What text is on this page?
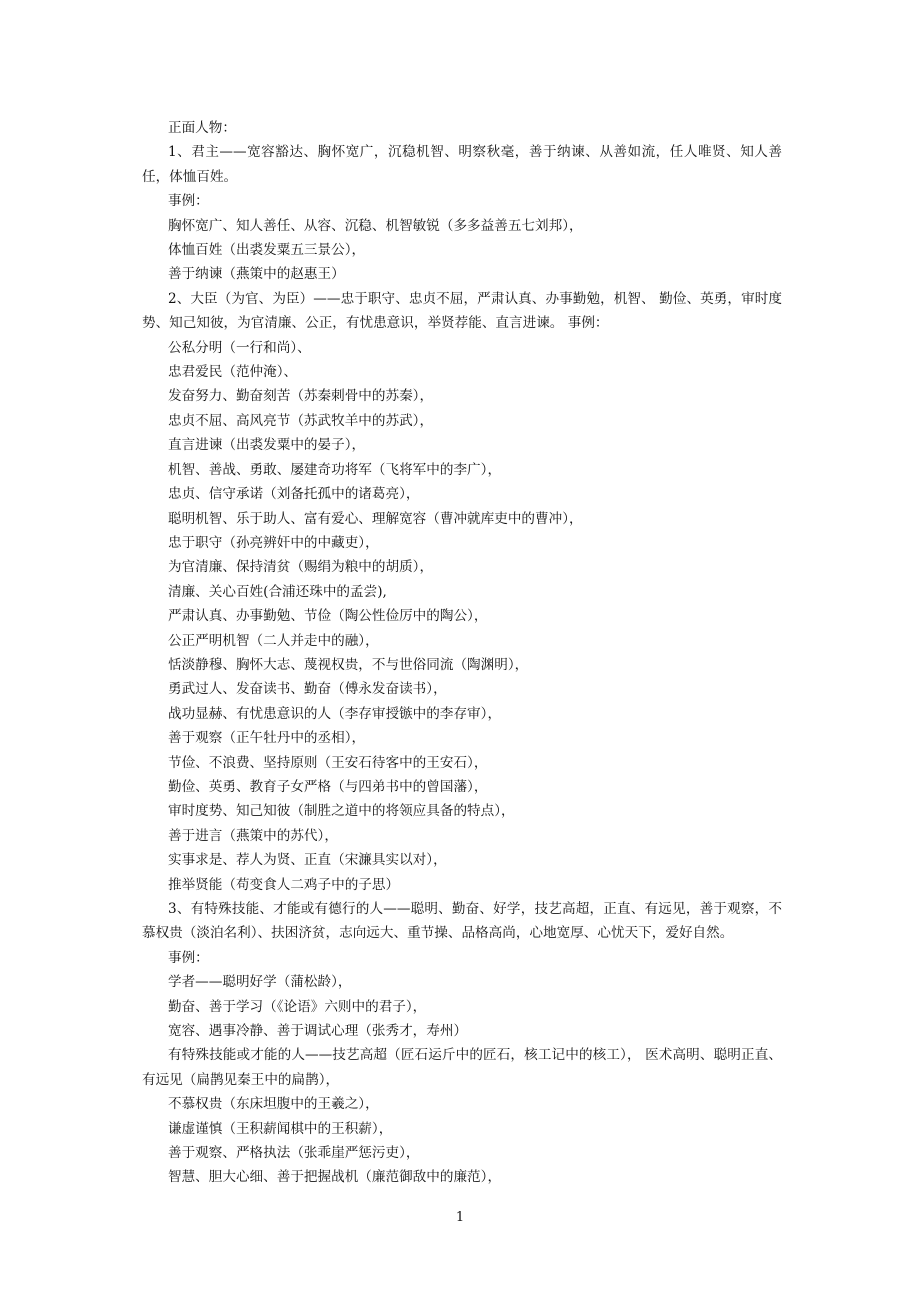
正面人物：

1、君主——宽容豁达、胸怀宽广，沉稳机智、明察秋毫，善于纳谏、从善如流，任人唯贤、知人善任，体恤百姓。

事例：
胸怀宽广、知人善任、从容、沉稳、机智敏锐（多多益善五七刘邦），
体恤百姓（出裘发粟五三景公），
善于纳谏（燕策中的赵惠王）

2、大臣（为官、为臣）——忠于职守、忠贞不屈，严肃认真、办事勤勉，机智、 勤俭、英勇，审时度势、知己知彼，为官清廉、公正，有忧患意识，举贤荐能、直言进谏。 事例：

公私分明（一行和尚）、
忠君爱民（范仲淹）、
发奋努力、勤奋刻苦（苏秦刺骨中的苏秦），
忠贞不屈、高风亮节（苏武牧羊中的苏武），
直言进谏（出裘发粟中的晏子），
机智、善战、勇敢、屡建奇功将军（飞将军中的李广），
忠贞、信守承诺（刘备托孤中的诸葛亮），
聪明机智、乐于助人、富有爱心、理解宽容（曹冲就库吏中的曹冲），
忠于职守（孙亮辨奸中的中藏吏），
为官清廉、保持清贫（赐绢为粮中的胡质），
清廉、关心百姓(合浦还珠中的孟尝),
严肃认真、办事勤勉、节俭（陶公性俭厉中的陶公），
公正严明机智（二人并走中的融），
恬淡静穆、胸怀大志、蔑视权贵，不与世俗同流（陶渊明），
勇武过人、发奋读书、勤奋（傅永发奋读书），
战功显赫、有忧患意识的人（李存审授镞中的李存审），
善于观察（正午牡丹中的丞相），
节俭、不浪费、坚持原则（王安石待客中的王安石），
勤俭、英勇、教育子女严格（与四弟书中的曾国藩），
审时度势、知己知彼（制胜之道中的将领应具备的特点），
善于进言（燕策中的苏代），
实事求是、荐人为贤、正直（宋濂具实以对），
推举贤能（苟变食人二鸡子中的子思）

3、有特殊技能、才能或有德行的人——聪明、勤奋、好学，技艺高超，正直、有远见，善于观察，不慕权贵（淡泊名利）、扶困济贫，志向远大、重节操、品格高尚，心地宽厚、心忧天下，爱好自然。

事例：
学者——聪明好学（蒲松龄），
勤奋、善于学习（《论语》六则中的君子），
宽容、遇事冷静、善于调试心理（张秀才，寿州）

有特殊技能或才能的人——技艺高超（匠石运斤中的匠石，核工记中的核工）， 医术高明、聪明正直、有远见（扁鹊见秦王中的扁鹊），

不慕权贵（东床坦腹中的王羲之），
谦虚谨慎（王积薪闻棋中的王积薪），
善于观察、严格执法（张乖崖严惩污吏），
智慧、胆大心细、善于把握战机（廉范御敌中的廉范），
1
